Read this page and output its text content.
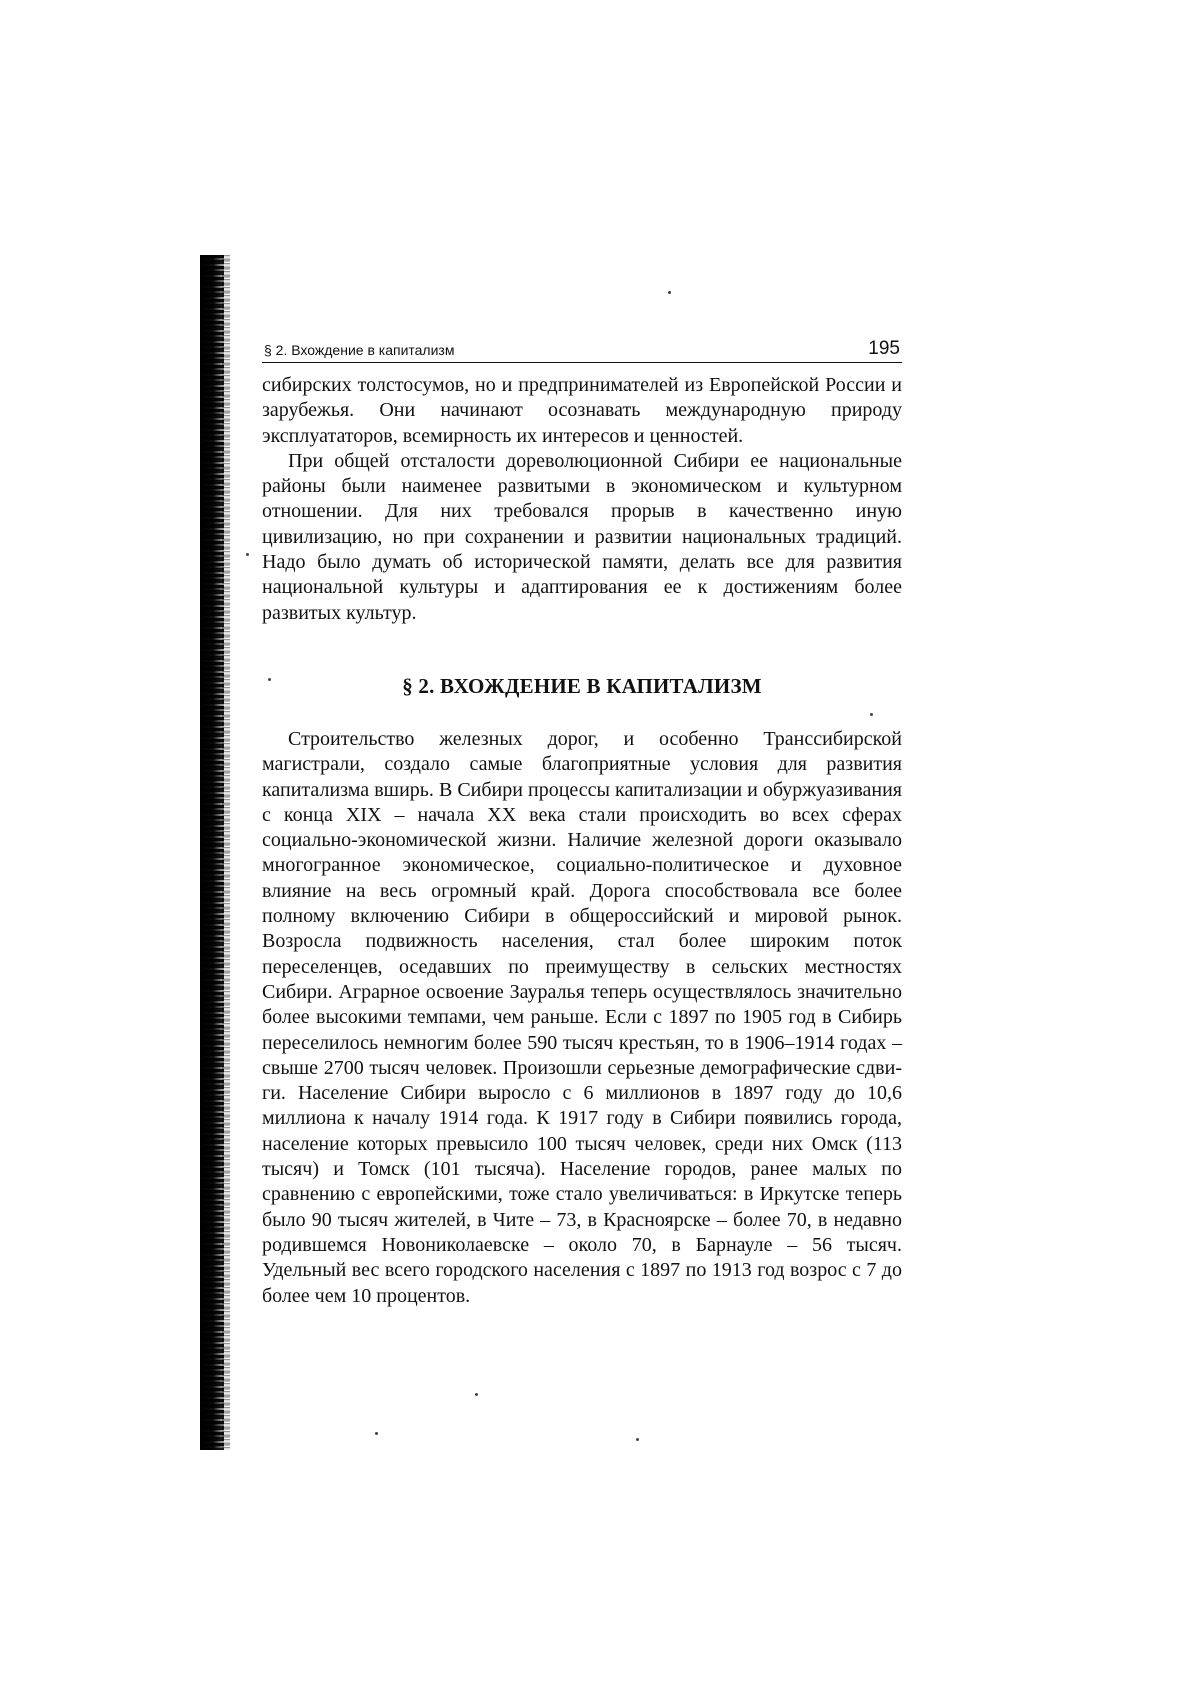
§ 2. Вхождение в капитализм	195

сибирских толстосумов, но и предпринимателей из Европейской России и зарубежья. Они начинают осознавать международную природу эксплуататоров, всемирность их интересов и ценностей.

При общей отсталости дореволюционной Сибири ее национальные районы были наименее развитыми в экономическом и культурном отношении. Для них требовался прорыв в качественно иную цивилизацию, но при сохранении и развитии национальных традиций. Надо было думать об исторической памяти, делать все для развития национальной культуры и адаптирования ее к достижениям более развитых культур.

§ 2. ВХОЖДЕНИЕ В КАПИТАЛИЗМ

Строительство железных дорог, и особенно Транссибирской магистрали, создало самые благоприятные условия для развития капитализма вширь. В Сибири процессы капитализации и обуржуазивания с конца XIX – начала XX века стали происходить во всех сферах социально-экономической жизни. Наличие железной дороги оказывало многогранное экономическое, социально-политическое и духовное влияние на весь огромный край. Дорога способствовала все более полному включению Сибири в общероссийский и мировой рынок. Возросла подвижность населения, стал более широким поток переселенцев, оседавших по преимуществу в сельских местностях Сибири. Аграрное освоение Зауралья теперь осуществлялось значительно более высокими темпами, чем раньше. Если с 1897 по 1905 год в Сибирь переселилось немногим более 590 тысяч крестьян, то в 1906–1914 годах – свыше 2700 тысяч человек. Произошли серьезные демографические сдвиги. Население Сибири выросло с 6 миллионов в 1897 году до 10,6 миллиона к началу 1914 года. К 1917 году в Сибири появились города, население которых превысило 100 тысяч человек, среди них Омск (113 тысяч) и Томск (101 тысяча). Население городов, ранее малых по сравнению с европейскими, тоже стало увеличиваться: в Иркутске теперь было 90 тысяч жителей, в Чите – 73, в Красноярске – более 70, в недавно родившемся Новониколаевске – около 70, в Барнауле – 56 тысяч. Удельный вес всего городского населения с 1897 по 1913 год возрос с 7 до более чем 10 процентов.
